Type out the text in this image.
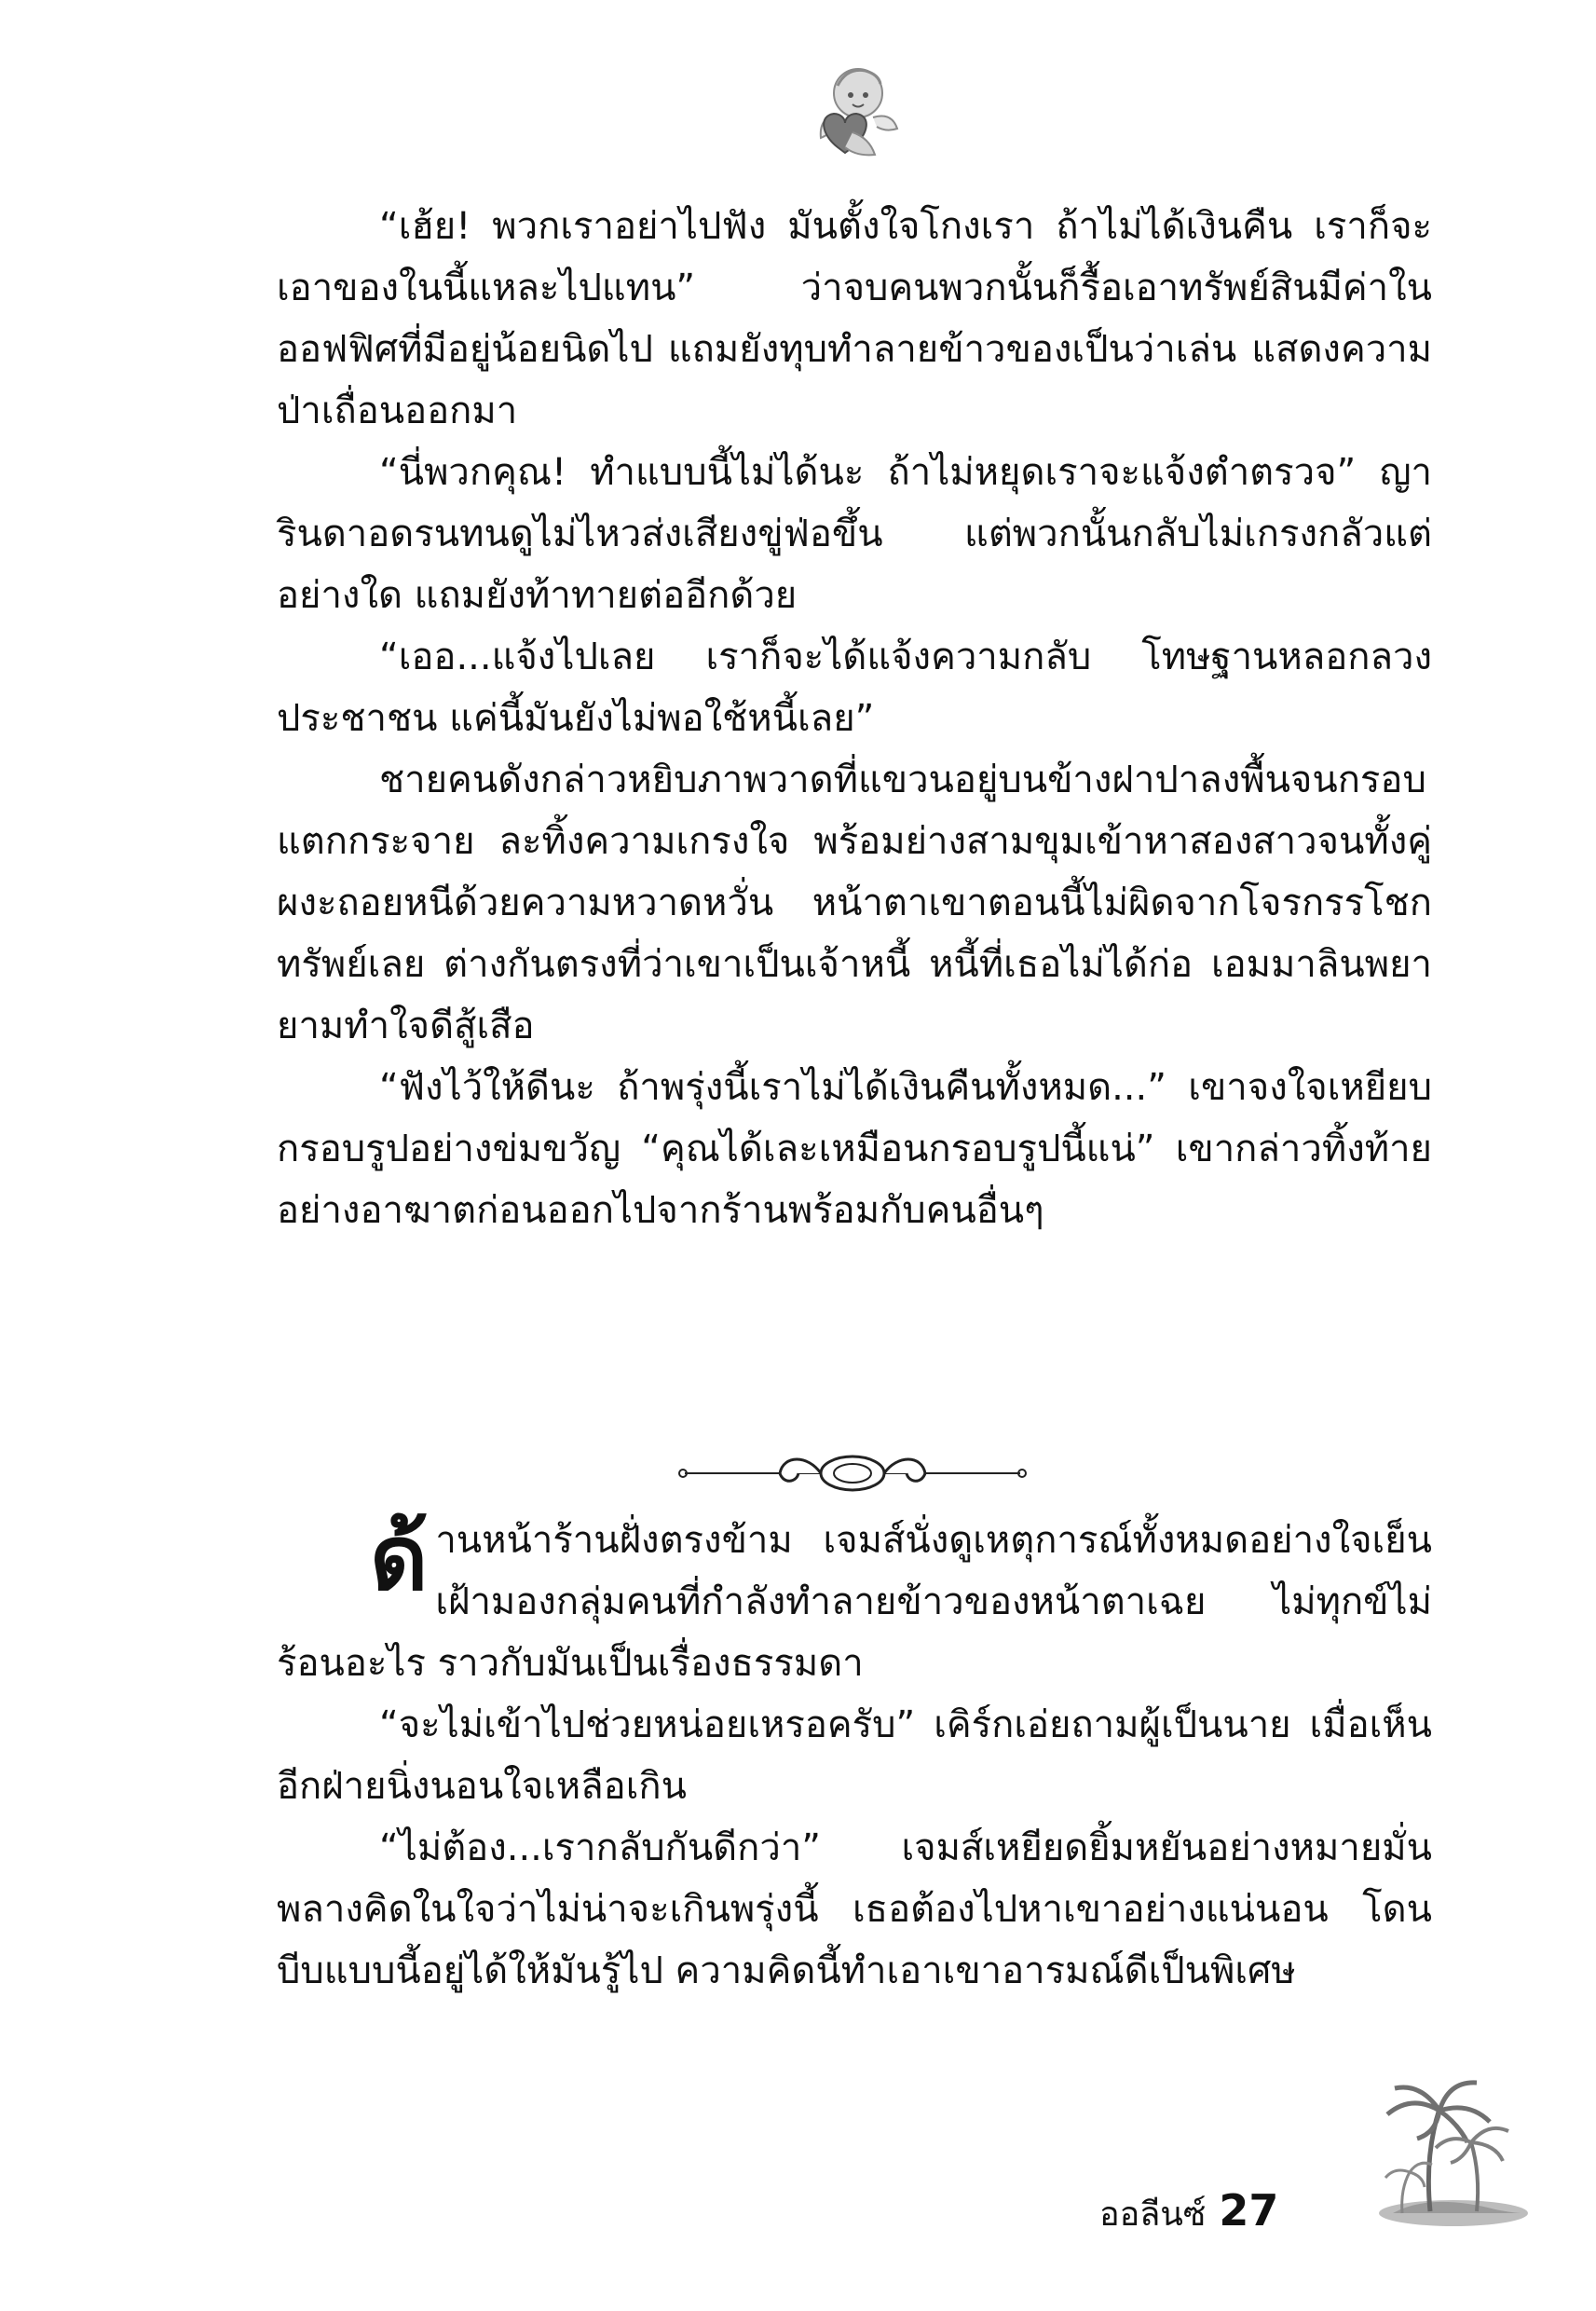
“เฮ้ย! พวกเราอย่าไปฟัง มันตั้งใจโกงเรา ถ้าไม่ได้เงินคืน เราก็จะเอาของในนี้แหละไปแทน” ว่าจบคนพวกนั้นก็รื้อเอาทรัพย์สินมีค่าในออฟฟิศที่มีอยู่น้อยนิดไป แถมยังทุบทำลายข้าวของเป็นว่าเล่น แสดงความป่าเถื่อนออกมา

“นี่พวกคุณ! ทำแบบนี้ไม่ได้นะ ถ้าไม่หยุดเราจะแจ้งตำตรวจ” ญารินดาอดรนทนดูไม่ไหวส่งเสียงขู่ฟ่อขึ้น แต่พวกนั้นกลับไม่เกรงกลัวแต่อย่างใด แถมยังท้าทายต่ออีกด้วย

“เออ...แจ้งไปเลย เราก็จะได้แจ้งความกลับ โทษฐานหลอกลวงประชาชน แค่นี้มันยังไม่พอใช้หนี้เลย”

ชายคนดังกล่าวหยิบภาพวาดที่แขวนอยู่บนข้างฝาปาลงพื้นจนกรอบแตกกระจาย ละทิ้งความเกรงใจ พร้อมย่างสามขุมเข้าหาสองสาวจนทั้งคู่ผงะถอยหนีด้วยความหวาดหวั่น หน้าตาเขาตอนนี้ไม่ผิดจากโจรกรรโชกทรัพย์เลย ต่างกันตรงที่ว่าเขาเป็นเจ้าหนี้ หนี้ที่เธอไม่ได้ก่อ เอมมาลินพยายามทำใจดีสู้เสือ

“ฟังไว้ให้ดีนะ ถ้าพรุ่งนี้เราไม่ได้เงินคืนทั้งหมด...” เขาจงใจเหยียบกรอบรูปอย่างข่มขวัญ “คุณได้เละเหมือนกรอบรูปนี้แน่” เขากล่าวทิ้งท้ายอย่างอาฆาตก่อนออกไปจากร้านพร้อมกับคนอื่นๆ

ด้านหน้าร้านฝั่งตรงข้าม เจมส์นั่งดูเหตุการณ์ทั้งหมดอย่างใจเย็น เฝ้ามองกลุ่มคนที่กำลังทำลายข้าวของหน้าตาเฉย ไม่ทุกข์ไม่ร้อนอะไร ราวกับมันเป็นเรื่องธรรมดา

“จะไม่เข้าไปช่วยหน่อยเหรอครับ” เคิร์กเอ่ยถามผู้เป็นนาย เมื่อเห็นอีกฝ่ายนิ่งนอนใจเหลือเกิน

“ไม่ต้อง...เรากลับกันดีกว่า” เจมส์เหยียดยิ้มหยันอย่างหมายมั่น พลางคิดในใจว่าไม่น่าจะเกินพรุ่งนี้ เธอต้องไปหาเขาอย่างแน่นอน โดนบีบแบบนี้อยู่ได้ให้มันรู้ไป ความคิดนี้ทำเอาเขาอารมณ์ดีเป็นพิเศษ

ออลีนซ์ 27
